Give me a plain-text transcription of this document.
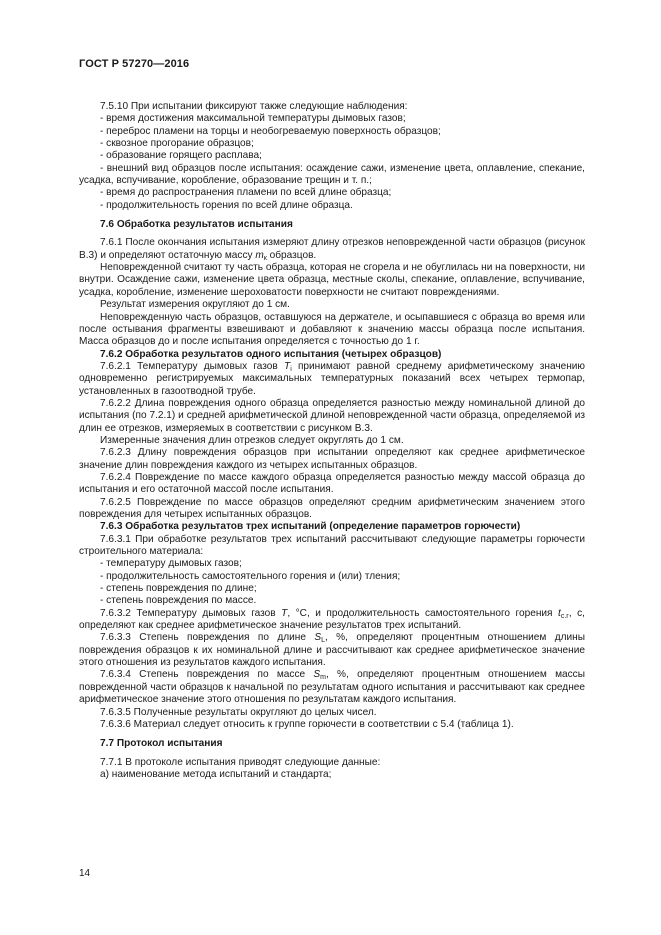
ГОСТ Р 57270—2016

7.5.10 При испытании фиксируют также следующие наблюдения:

- время достижения максимальной температуры дымовых газов;

- переброс пламени на торцы и необогреваемую поверхность образцов;

- сквозное прогорание образцов;

- образование горящего расплава;

- внешний вид образцов после испытания: осаждение сажи, изменение цвета, оплавление, спекание, усадка, вспучивание, коробление, образование трещин и т. п.;

- время до распространения пламени по всей длине образца;

- продолжительность горения по всей длине образца.

7.6 Обработка результатов испытания

7.6.1 После окончания испытания измеряют длину отрезков неповрежденной части образцов (рисунок В.3) и определяют остаточную массу $m_к$ образцов.

Неповрежденной считают ту часть образца, которая не сгорела и не обуглилась ни на поверхности, ни внутри. Осаждение сажи, изменение цвета образца, местные сколы, спекание, оплавление, вспучивание, усадка, коробление, изменение шероховатости поверхности не считают повреждениями.

Результат измерения округляют до 1 см.

Неповрежденную часть образцов, оставшуюся на держателе, и осыпавшиеся с образца во время или после остывания фрагменты взвешивают и добавляют к значению массы образца после испытания. Масса образцов до и после испытания определяется с точностью до 1 г.

7.6.2 Обработка результатов одного испытания (четырех образцов)

7.6.2.1 Температуру дымовых газов $T_i$ принимают равной среднему арифметическому значению одновременно регистрируемых максимальных температурных показаний всех четырех термопар, установленных в газоотводной трубе.

7.6.2.2 Длина повреждения одного образца определяется разностью между номинальной длиной до испытания (по 7.2.1) и средней арифметической длиной неповрежденной части образца, определяемой из длин ее отрезков, измеряемых в соответствии с рисунком В.3.

Измеренные значения длин отрезков следует округлять до 1 см.

7.6.2.3 Длину повреждения образцов при испытании определяют как среднее арифметическое значение длин повреждения каждого из четырех испытанных образцов.

7.6.2.4 Повреждение по массе каждого образца определяется разностью между массой образца до испытания и его остаточной массой после испытания.

7.6.2.5 Повреждение по массе образцов определяют средним арифметическим значением этого повреждения для четырех испытанных образцов.

7.6.3 Обработка результатов трех испытаний (определение параметров горючести)

7.6.3.1 При обработке результатов трех испытаний рассчитывают следующие параметры горючести строительного материала:

- температуру дымовых газов;

- продолжительность самостоятельного горения и (или) тления;

- степень повреждения по длине;

- степень повреждения по массе.

7.6.3.2 Температуру дымовых газов T, °С, и продолжительность самостоятельного горения $t_{с.г}$, с, определяют как среднее арифметическое значение результатов трех испытаний.

7.6.3.3 Степень повреждения по длине $S_L$, %, определяют процентным отношением длины повреждения образцов к их номинальной длине и рассчитывают как среднее арифметическое значение этого отношения из результатов каждого испытания.

7.6.3.4 Степень повреждения по массе $S_m$, %, определяют процентным отношением массы поврежденной части образцов к начальной по результатам одного испытания и рассчитывают как среднее арифметическое значение этого отношения по результатам каждого испытания.

7.6.3.5 Полученные результаты округляют до целых чисел.

7.6.3.6 Материал следует относить к группе горючести в соответствии с 5.4 (таблица 1).

7.7 Протокол испытания

7.7.1 В протоколе испытания приводят следующие данные:

а) наименование метода испытаний и стандарта;

14
